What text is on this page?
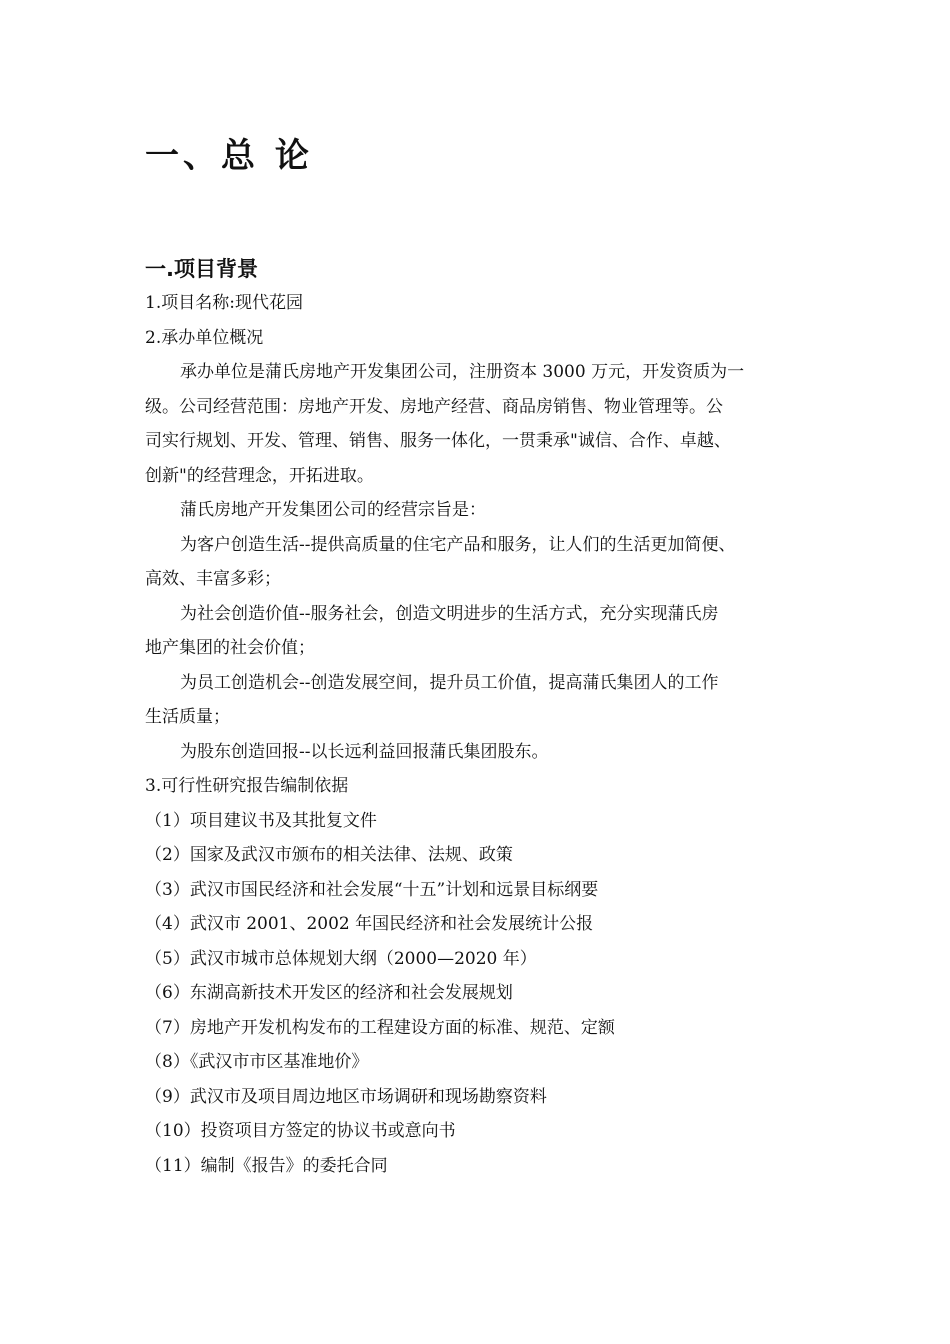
一、总 论
一.项目背景

1.项目名称:现代花园

2.承办单位概况

承办单位是蒲氏房地产开发集团公司，注册资本 3000 万元，开发资质为一

级。公司经营范围：房地产开发、房地产经营、商品房销售、物业管理等。公

司实行规划、开发、管理、销售、服务一体化，一贯秉承"诚信、合作、卓越、

创新"的经营理念，开拓进取。

蒲氏房地产开发集团公司的经营宗旨是：

为客户创造生活--提供高质量的住宅产品和服务，让人们的生活更加简便、

高效、丰富多彩；

为社会创造价值--服务社会，创造文明进步的生活方式，充分实现蒲氏房

地产集团的社会价值；

为员工创造机会--创造发展空间，提升员工价值，提高蒲氏集团人的工作

生活质量；

为股东创造回报--以长远利益回报蒲氏集团股东。

3.可行性研究报告编制依据

（1）项目建议书及其批复文件

（2）国家及武汉市颁布的相关法律、法规、政策

（3）武汉市国民经济和社会发展“十五”计划和远景目标纲要

（4）武汉市 2001、2002 年国民经济和社会发展统计公报

（5）武汉市城市总体规划大纲（2000—2020 年）

（6）东湖高新技术开发区的经济和社会发展规划

（7）房地产开发机构发布的工程建设方面的标准、规范、定额

（8）《武汉市市区基准地价》

（9）武汉市及项目周边地区市场调研和现场勘察资料

（10）投资项目方签定的协议书或意向书

（11）编制《报告》的委托合同
